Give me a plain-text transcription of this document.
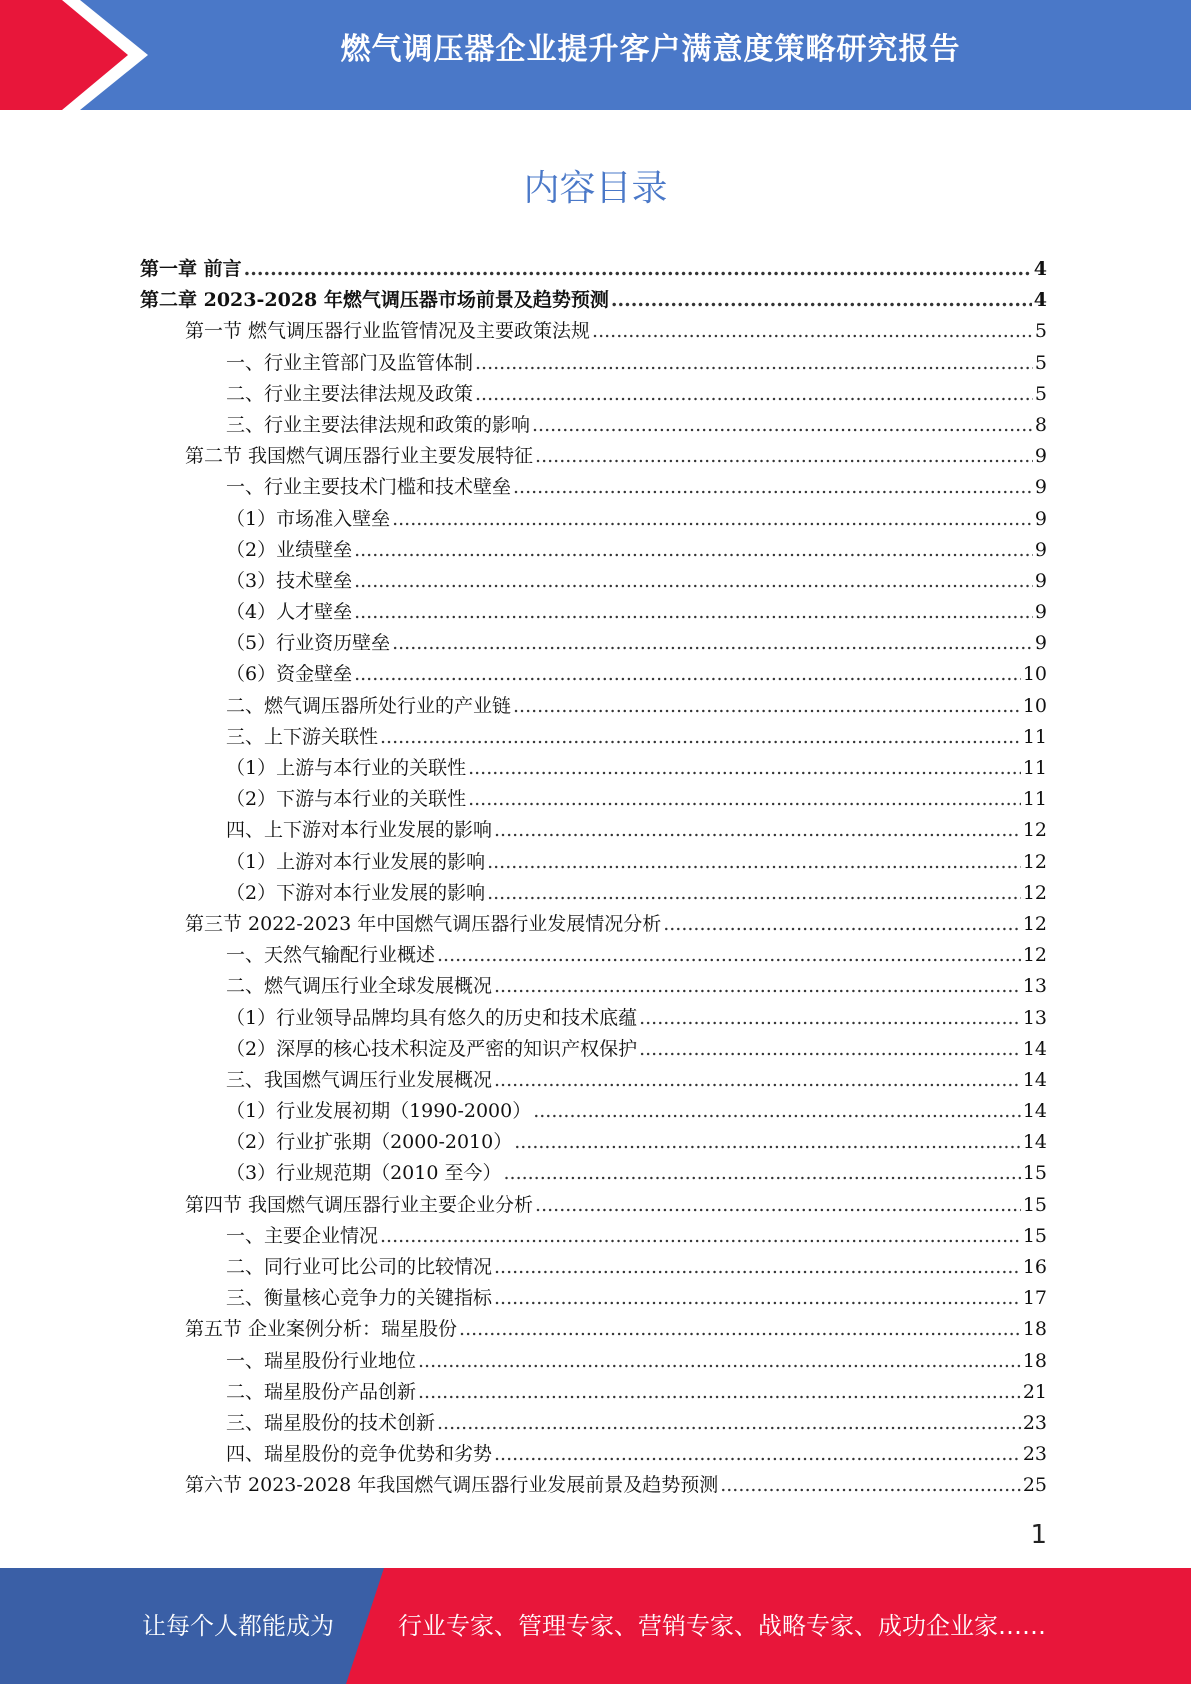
燃气调压器企业提升客户满意度策略研究报告
内容目录
第一章 前言 .....	4
第二章 2023-2028 年燃气调压器市场前景及趋势预测 .....	4
第一节 燃气调压器行业监管情况及主要政策法规 .....	5
一、行业主管部门及监管体制 .....	5
二、行业主要法律法规及政策 .....	5
三、行业主要法律法规和政策的影响 .....	8
第二节 我国燃气调压器行业主要发展特征 .....	9
一、行业主要技术门槛和技术壁垒 .....	9
（1）市场准入壁垒 .....	9
（2）业绩壁垒 .....	9
（3）技术壁垒 .....	9
（4）人才壁垒 .....	9
（5）行业资历壁垒 .....	9
（6）资金壁垒 .....	10
二、燃气调压器所处行业的产业链 .....	10
三、上下游关联性 .....	11
（1）上游与本行业的关联性 .....	11
（2）下游与本行业的关联性 .....	11
四、上下游对本行业发展的影响 .....	12
（1）上游对本行业发展的影响 .....	12
（2）下游对本行业发展的影响 .....	12
第三节 2022-2023 年中国燃气调压器行业发展情况分析 .....	12
一、天然气输配行业概述 .....	12
二、燃气调压行业全球发展概况 .....	13
（1）行业领导品牌均具有悠久的历史和技术底蕴 .....	13
（2）深厚的核心技术积淀及严密的知识产权保护 .....	14
三、我国燃气调压行业发展概况 .....	14
（1）行业发展初期（1990-2000） .....	14
（2）行业扩张期（2000-2010） .....	14
（3）行业规范期（2010 至今） .....	15
第四节 我国燃气调压器行业主要企业分析 .....	15
一、主要企业情况 .....	15
二、同行业可比公司的比较情况 .....	16
三、衡量核心竞争力的关键指标 .....	17
第五节 企业案例分析：瑞星股份 .....	18
一、瑞星股份行业地位 .....	18
二、瑞星股份产品创新 .....	21
三、瑞星股份的技术创新 .....	23
四、瑞星股份的竞争优势和劣势 .....	23
第六节 2023-2028 年我国燃气调压器行业发展前景及趋势预测 .....	25
1
让每个人都能成为	行业专家、管理专家、营销专家、战略专家、成功企业家……
